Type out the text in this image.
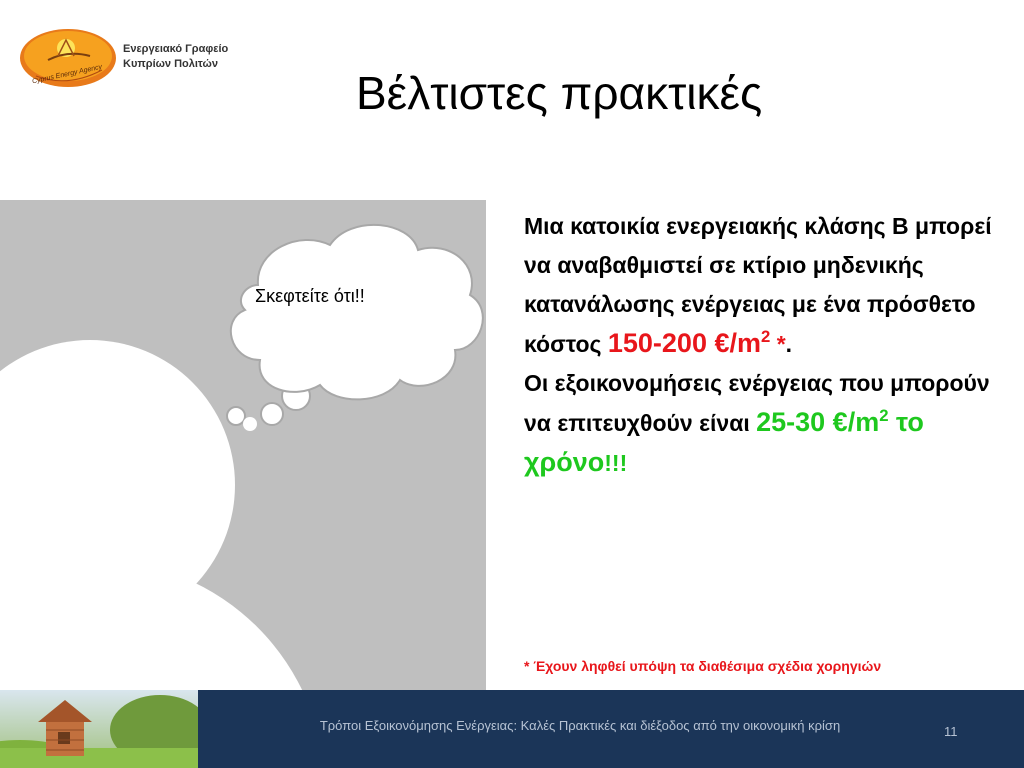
Cyprus Energy Agency
Ενεργειακό Γραφείο
Κυπρίων Πολιτών
Βέλτιστες πρακτικές
Σκεφτείτε ότι!!
Μια κατοικία ενεργειακής κλάσης Β μπορεί να αναβαθμιστεί σε κτίριο μηδενικής κατανάλωσης ενέργειας με ένα πρόσθετο κόστος 150-200 $€/m^2$ *.
Οι εξοικονομήσεις ενέργειας που μπορούν να επιτευχθούν είναι 25-30 $€/m^2$ το χρόνο!!!
* Έχουν ληφθεί υπόψη τα διαθέσιμα σχέδια χορηγιών
Τρόποι Εξοικονόμησης Ενέργειας: Καλές Πρακτικές και διέξοδος από την οικονομική κρίση	11
